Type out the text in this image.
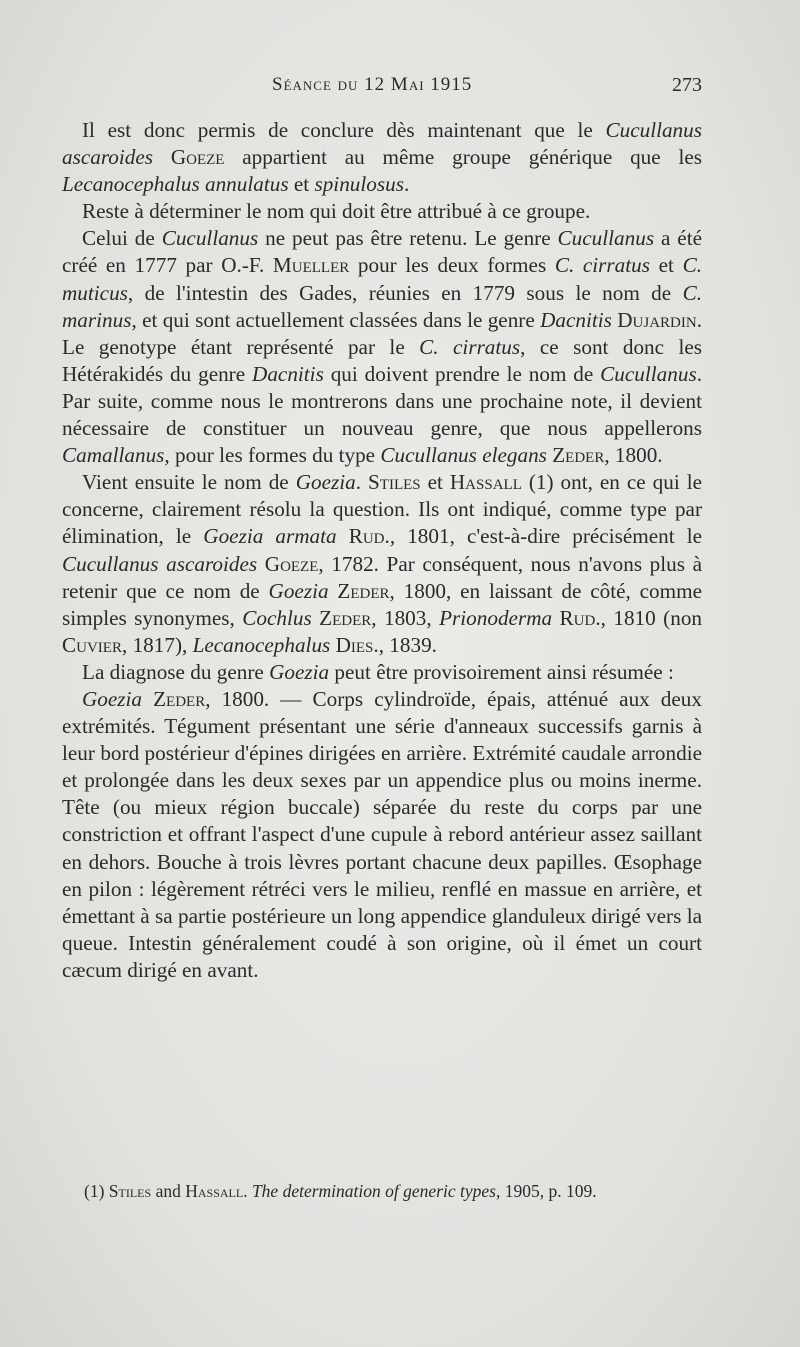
Séance du 12 Mai 1915	273

Il est donc permis de conclure dès maintenant que le Cucullanus ascaroides Goeze appartient au même groupe générique que les Lecanocephalus annulatus et spinulosus.

Reste à déterminer le nom qui doit être attribué à ce groupe.

Celui de Cucullanus ne peut pas être retenu. Le genre Cucullanus a été créé en 1777 par O.-F. Mueller pour les deux formes C. cirratus et C. muticus, de l'intestin des Gades, réunies en 1779 sous le nom de C. marinus, et qui sont actuellement classées dans le genre Dacnitis Dujardin. Le genotype étant représenté par le C. cirratus, ce sont donc les Hétérakidés du genre Dacnitis qui doivent prendre le nom de Cucullanus. Par suite, comme nous le montrerons dans une prochaine note, il devient nécessaire de constituer un nouveau genre, que nous appellerons Camallanus, pour les formes du type Cucullanus elegans Zeder, 1800.

Vient ensuite le nom de Goezia. Stiles et Hassall (1) ont, en ce qui le concerne, clairement résolu la question. Ils ont indiqué, comme type par élimination, le Goezia armata Rud., 1801, c'est-à-dire précisément le Cucullanus ascaroides Goeze, 1782. Par conséquent, nous n'avons plus à retenir que ce nom de Goezia Zeder, 1800, en laissant de côté, comme simples synonymes, Cochlus Zeder, 1803, Prionoderma Rud., 1810 (non Cuvier, 1817), Lecanocephalus Dies., 1839.

La diagnose du genre Goezia peut être provisoirement ainsi résumée :

Goezia Zeder, 1800. — Corps cylindroïde, épais, atténué aux deux extrémités. Tégument présentant une série d'anneaux successifs garnis à leur bord postérieur d'épines dirigées en arrière. Extrémité caudale arrondie et prolongée dans les deux sexes par un appendice plus ou moins inerme. Tête (ou mieux région buccale) séparée du reste du corps par une constriction et offrant l'aspect d'une cupule à rebord antérieur assez saillant en dehors. Bouche à trois lèvres portant chacune deux papilles. Œsophage en pilon : légèrement rétréci vers le milieu, renflé en massue en arrière, et émettant à sa partie postérieure un long appendice glanduleux dirigé vers la queue. Intestin généralement coudé à son origine, où il émet un court cæcum dirigé en avant.

(1) Stiles and Hassall. The determination of generic types, 1905, p. 109.
